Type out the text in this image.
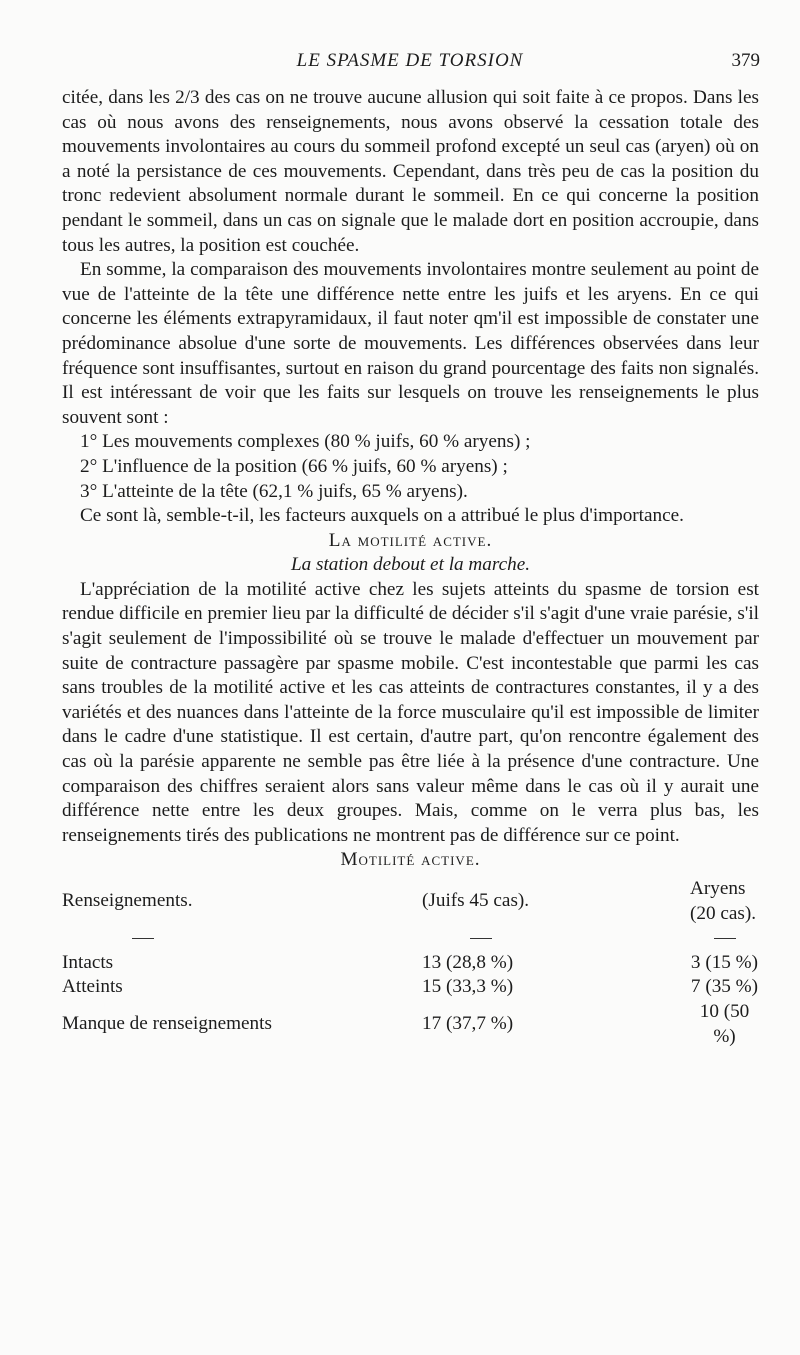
LE SPASME DE TORSION	379

citée, dans les 2/3 des cas on ne trouve aucune allusion qui soit faite à ce propos. Dans les cas où nous avons des renseignements, nous avons observé la cessation totale des mouvements involontaires au cours du sommeil profond excepté un seul cas (aryen) où on a noté la persistance de ces mouvements. Cependant, dans très peu de cas la position du tronc redevient absolument normale durant le sommeil. En ce qui concerne la position pendant le sommeil, dans un cas on signale que le malade dort en position accroupie, dans tous les autres, la position est couchée.

En somme, la comparaison des mouvements involontaires montre seulement au point de vue de l'atteinte de la tête une différence nette entre les juifs et les aryens. En ce qui concerne les éléments extrapyramidaux, il faut noter qm'il est impossible de constater une prédominance absolue d'une sorte de mouvements. Les différences observées dans leur fréquence sont insuffisantes, surtout en raison du grand pourcentage des faits non signalés. Il est intéressant de voir que les faits sur lesquels on trouve les renseignements le plus souvent sont :

1° Les mouvements complexes (80 % juifs, 60 % aryens) ;

2° L'influence de la position (66 % juifs, 60 % aryens) ;

3° L'atteinte de la tête (62,1 % juifs, 65 % aryens).

Ce sont là, semble-t-il, les facteurs auxquels on a attribué le plus d'importance.

La motilité active.

La station debout et la marche.

L'appréciation de la motilité active chez les sujets atteints du spasme de torsion est rendue difficile en premier lieu par la difficulté de décider s'il s'agit d'une vraie parésie, s'il s'agit seulement de l'impossibilité où se trouve le malade d'effectuer un mouvement par suite de contracture passagère par spasme mobile. C'est incontestable que parmi les cas sans troubles de la motilité active et les cas atteints de contractures constantes, il y a des variétés et des nuances dans l'atteinte de la force musculaire qu'il est impossible de limiter dans le cadre d'une statistique. Il est certain, d'autre part, qu'on rencontre également des cas où la parésie apparente ne semble pas être liée à la présence d'une contracture. Une comparaison des chiffres seraient alors sans valeur même dans le cas où il y aurait une différence nette entre les deux groupes. Mais, comme on le verra plus bas, les renseignements tirés des publications ne montrent pas de différence sur ce point.

Motilité active.

Renseignements.	(Juifs 45 cas).	Aryens (20 cas).

Intacts	13 (28,8 %)	3 (15 %)
Atteints	15 (33,3 %)	7 (35 %)
Manque de renseignements	17 (37,7 %)	10 (50 %)
